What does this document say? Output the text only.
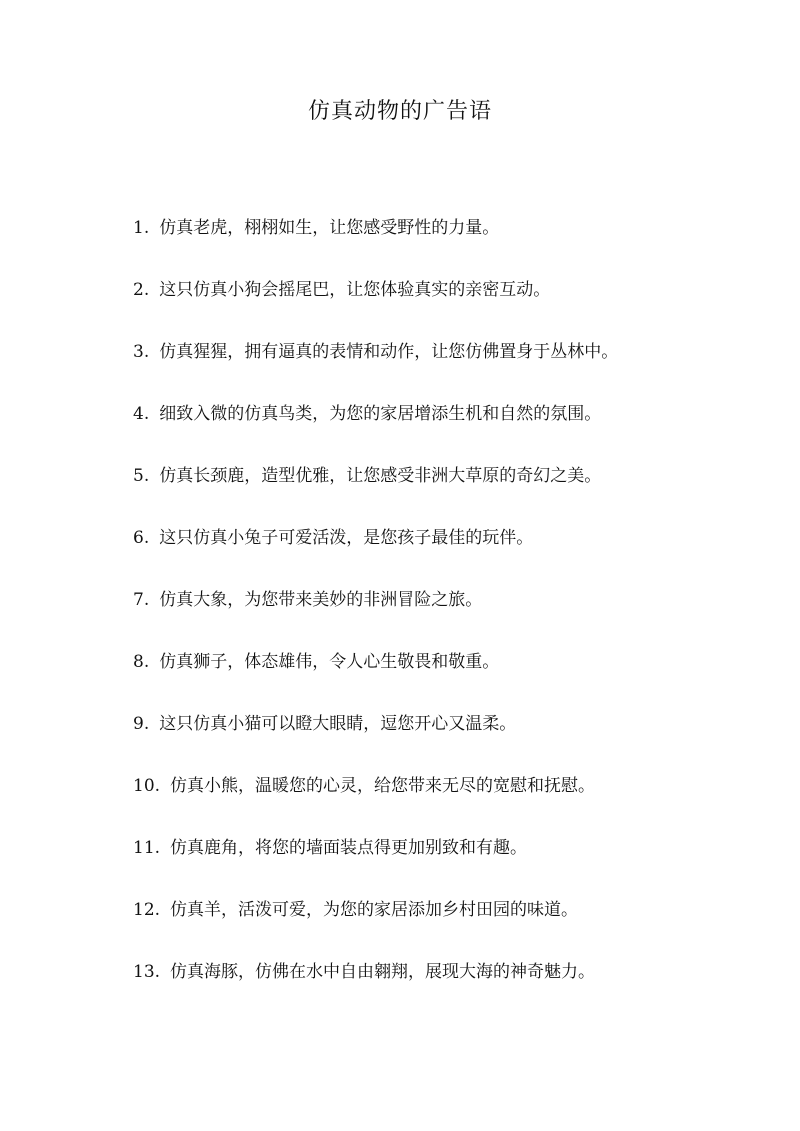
仿真动物的广告语
1. 仿真老虎，栩栩如生，让您感受野性的力量。
2. 这只仿真小狗会摇尾巴，让您体验真实的亲密互动。
3. 仿真猩猩，拥有逼真的表情和动作，让您仿佛置身于丛林中。
4. 细致入微的仿真鸟类，为您的家居增添生机和自然的氛围。
5. 仿真长颈鹿，造型优雅，让您感受非洲大草原的奇幻之美。
6. 这只仿真小兔子可爱活泼，是您孩子最佳的玩伴。
7. 仿真大象，为您带来美妙的非洲冒险之旅。
8. 仿真狮子，体态雄伟，令人心生敬畏和敬重。
9. 这只仿真小猫可以瞪大眼睛，逗您开心又温柔。
10. 仿真小熊，温暖您的心灵，给您带来无尽的宽慰和抚慰。
11. 仿真鹿角，将您的墙面装点得更加别致和有趣。
12. 仿真羊，活泼可爱，为您的家居添加乡村田园的味道。
13. 仿真海豚，仿佛在水中自由翱翔，展现大海的神奇魅力。
